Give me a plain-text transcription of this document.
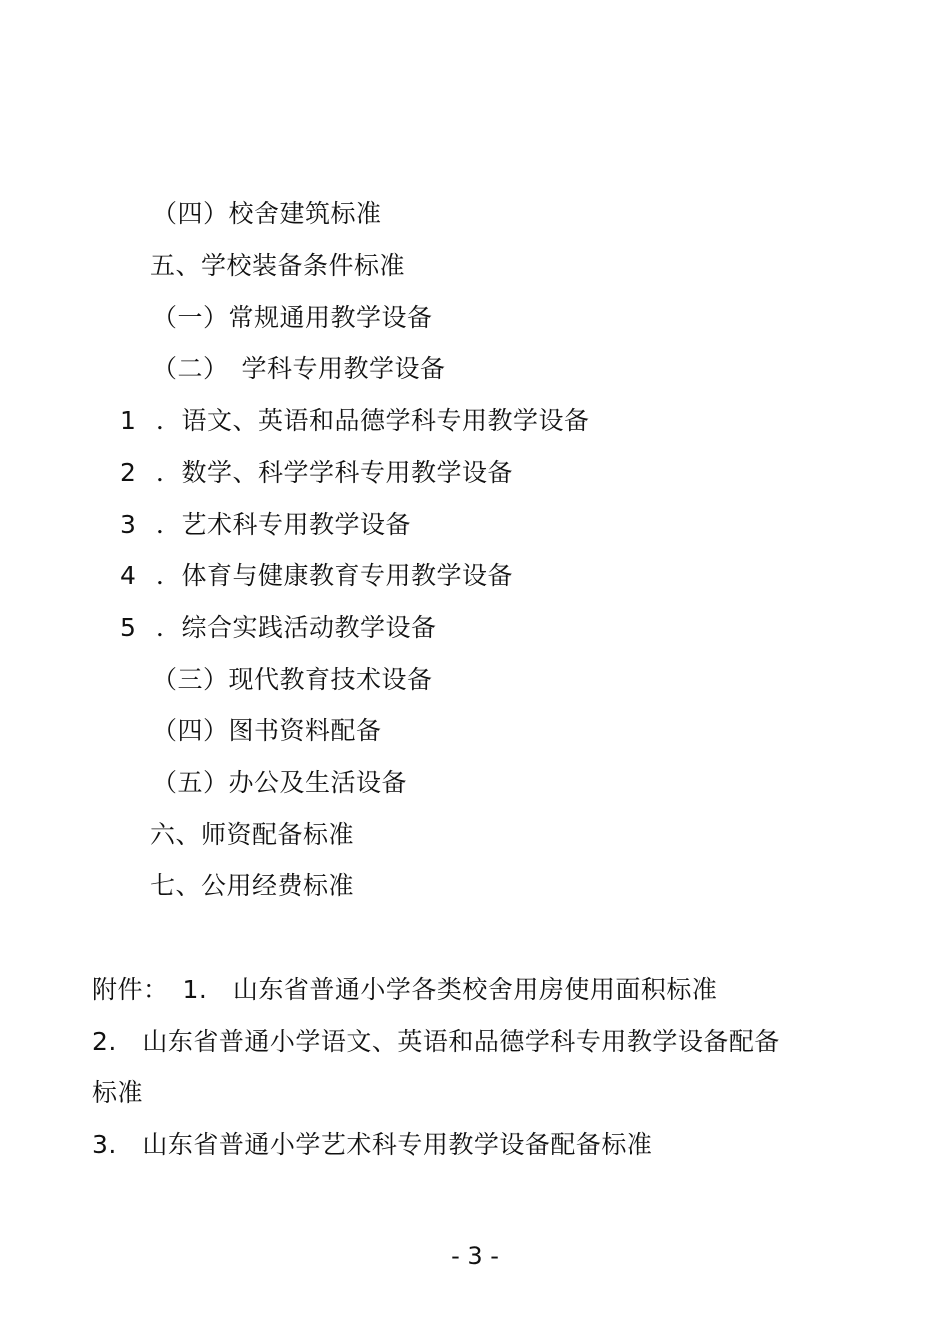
（四）校舍建筑标准
五、学校装备条件标准
（一）常规通用教学设备
（二）　学科专用教学设备
1 ．语文、英语和品德学科专用教学设备
2 ．数学、科学学科专用教学设备
3 ．艺术科专用教学设备
4 ．体育与健康教育专用教学设备
5 ．综合实践活动教学设备
（三）现代教育技术设备
（四）图书资料配备
（五）办公及生活设备
六、师资配备标准
七、公用经费标准
附件： 1.　山东省普通小学各类校舍用房使用面积标准
2.　山东省普通小学语文、英语和品德学科专用教学设备配备
标准
3.　山东省普通小学艺术科专用教学设备配备标准
- 3 -
